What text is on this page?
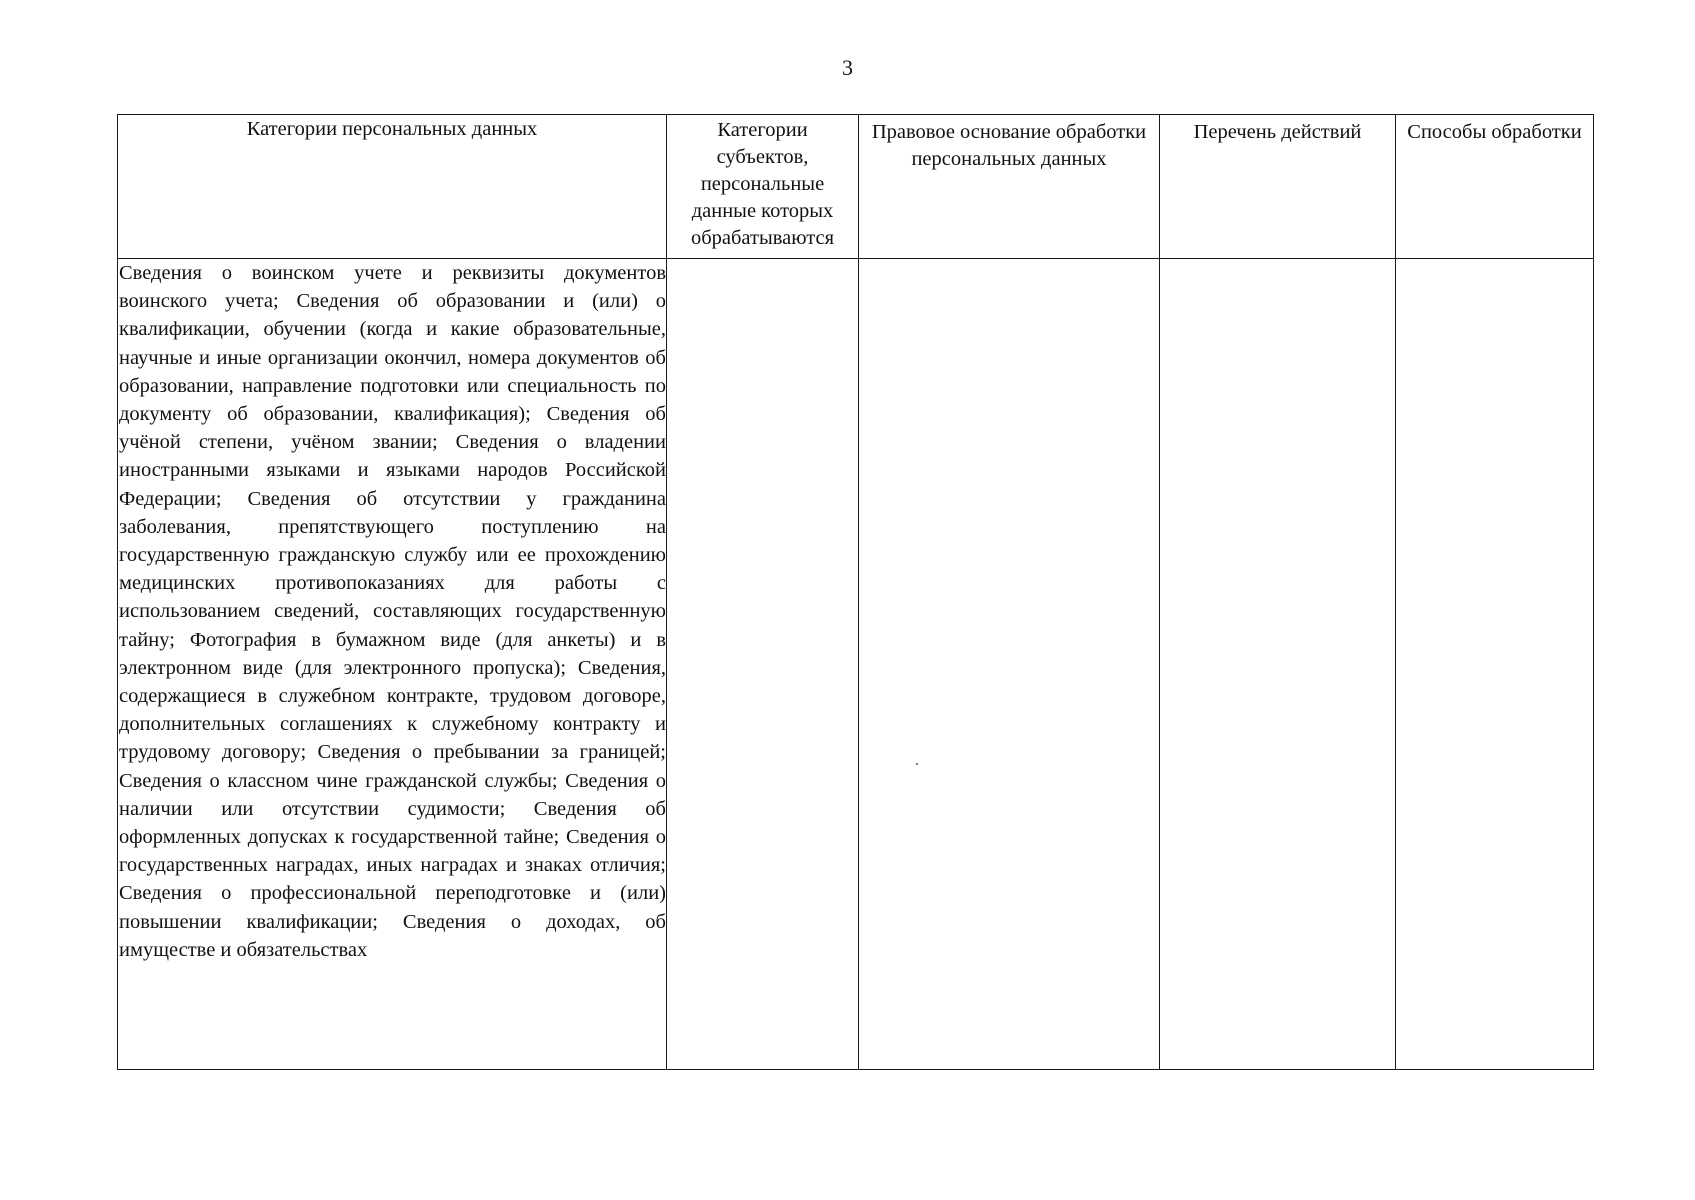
3
Категории персональных данных	Категории субъектов, персональные данные которых обрабатываются	Правовое основание обработки персональных данных	Перечень действий	Способы обработки
Сведения о воинском учете и реквизиты документов воинского учета; Сведения об образовании и (или) о квалификации, обучении (когда и какие образовательные, научные и иные организации окончил, номера документов об образовании, направление подготовки или специальность по документу об образовании, квалификация); Сведения об учёной степени, учёном звании; Сведения о владении иностранными языками и языками народов Российской Федерации; Сведения об отсутствии у гражданина заболевания, препятствующего поступлению на государственную гражданскую службу или ее прохождению медицинских противопоказаниях для работы с использованием сведений, составляющих государственную тайну; Фотография в бумажном виде (для анкеты) и в электронном виде (для электронного пропуска); Сведения, содержащиеся в служебном контракте, трудовом договоре, дополнительных соглашениях к служебному контракту и трудовому договору; Сведения о пребывании за границей; Сведения о классном чине гражданской службы; Сведения о наличии или отсутствии судимости; Сведения об оформленных допусках к государственной тайне; Сведения о государственных наградах, иных наградах и знаках отличия; Сведения о профессиональной переподготовке и (или) повышении квалификации; Сведения о доходах, об имуществе и обязательствах				
